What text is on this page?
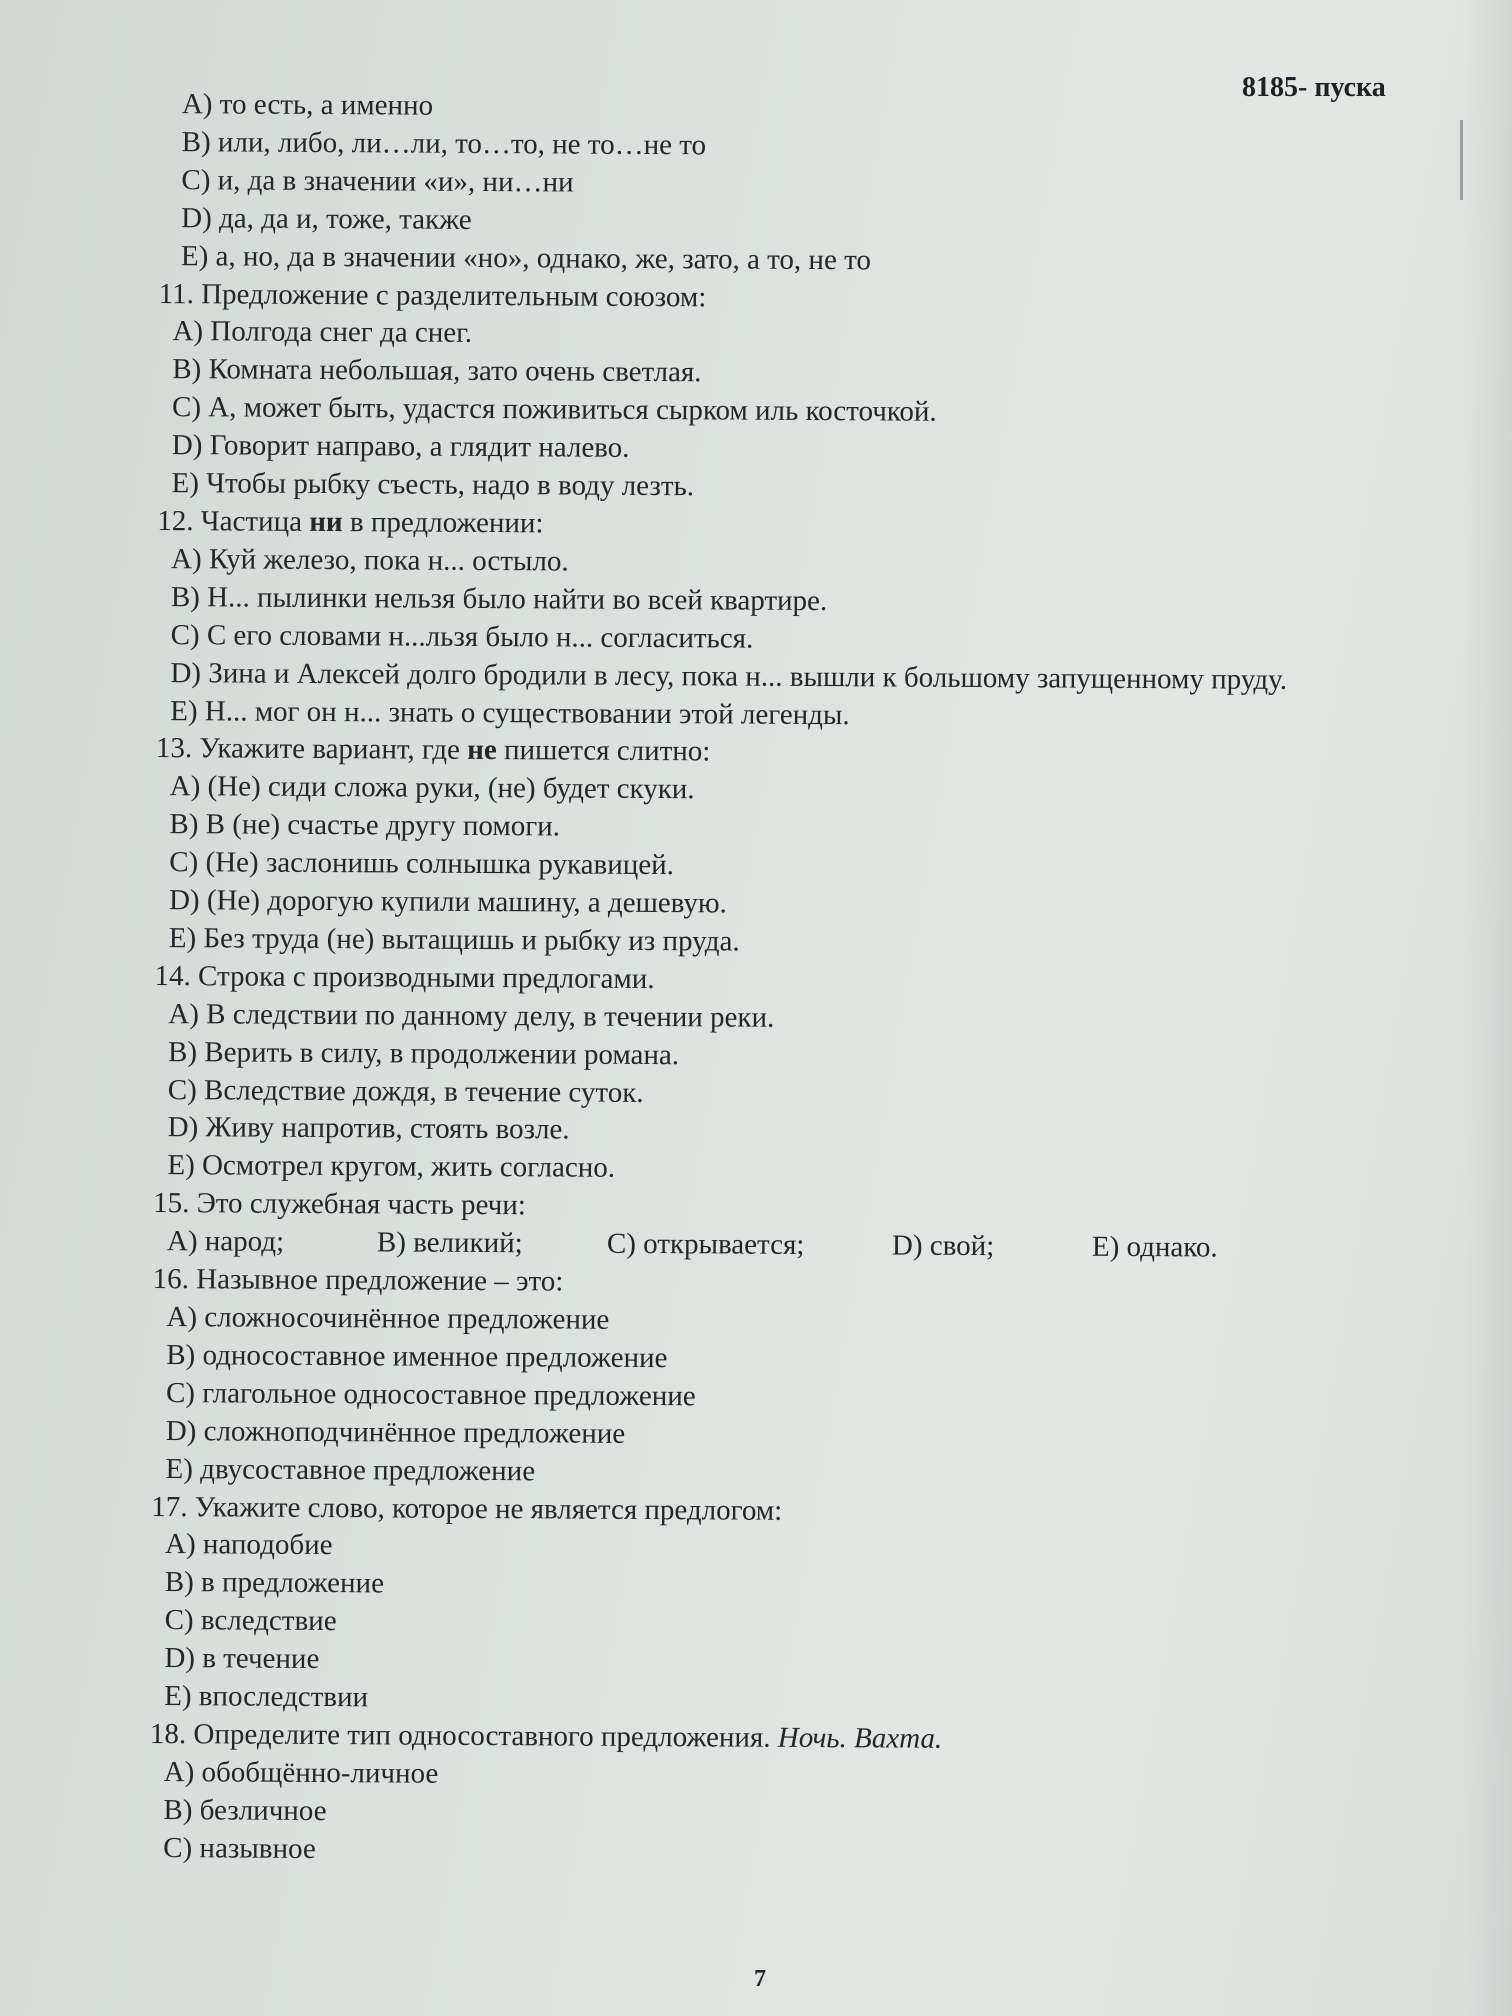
8185- пуска
А) то есть, а именно
В) или, либо, ли…ли, то…то, не то…не то
С) и, да в значении «и», ни…ни
D) да, да и, тоже, также
Е) а, но, да в значении «но», однако, же, зато, а то, не то
11. Предложение с разделительным союзом:
А) Полгода снег да снег.
В) Комната небольшая, зато очень светлая.
С) А, может быть, удастся поживиться сырком иль косточкой.
D) Говорит направо, а глядит налево.
Е) Чтобы рыбку съесть, надо в воду лезть.
12. Частица ни в предложении:
А) Куй железо, пока н... остыло.
В) Н... пылинки нельзя было найти во всей квартире.
С) С его словами н...льзя было н... согласиться.
D) Зина и Алексей долго бродили в лесу, пока н... вышли к большому запущенному пруду.
Е) Н... мог он н... знать о существовании этой легенды.
13. Укажите вариант, где не пишется слитно:
А) (Не) сиди сложа руки, (не) будет скуки.
В) В (не) счастье другу помоги.
С) (Не) заслонишь солнышка рукавицей.
D) (Не) дорогую купили машину, а дешевую.
Е) Без труда (не) вытащишь и рыбку из пруда.
14. Строка с производными предлогами.
А) В следствии по данному делу, в течении реки.
В) Верить в силу, в продолжении романа.
С) Вследствие дождя, в течение суток.
D) Живу напротив, стоять возле.
Е) Осмотрел кругом, жить согласно.
15. Это служебная часть речи:
А) народ;	В) великий;	С) открывается;	D) свой;	Е) однако.
16. Назывное предложение – это:
А) сложносочинённое предложение
В) односоставное именное предложение
С) глагольное односоставное предложение
D) сложноподчинённое предложение
Е) двусоставное предложение
17. Укажите слово, которое не является предлогом:
А) наподобие
В) в предложение
С) вследствие
D) в течение
Е) впоследствии
18. Определите тип односоставного предложения. Ночь. Вахта.
А) обобщённо-личное
В) безличное
С) назывное
7
